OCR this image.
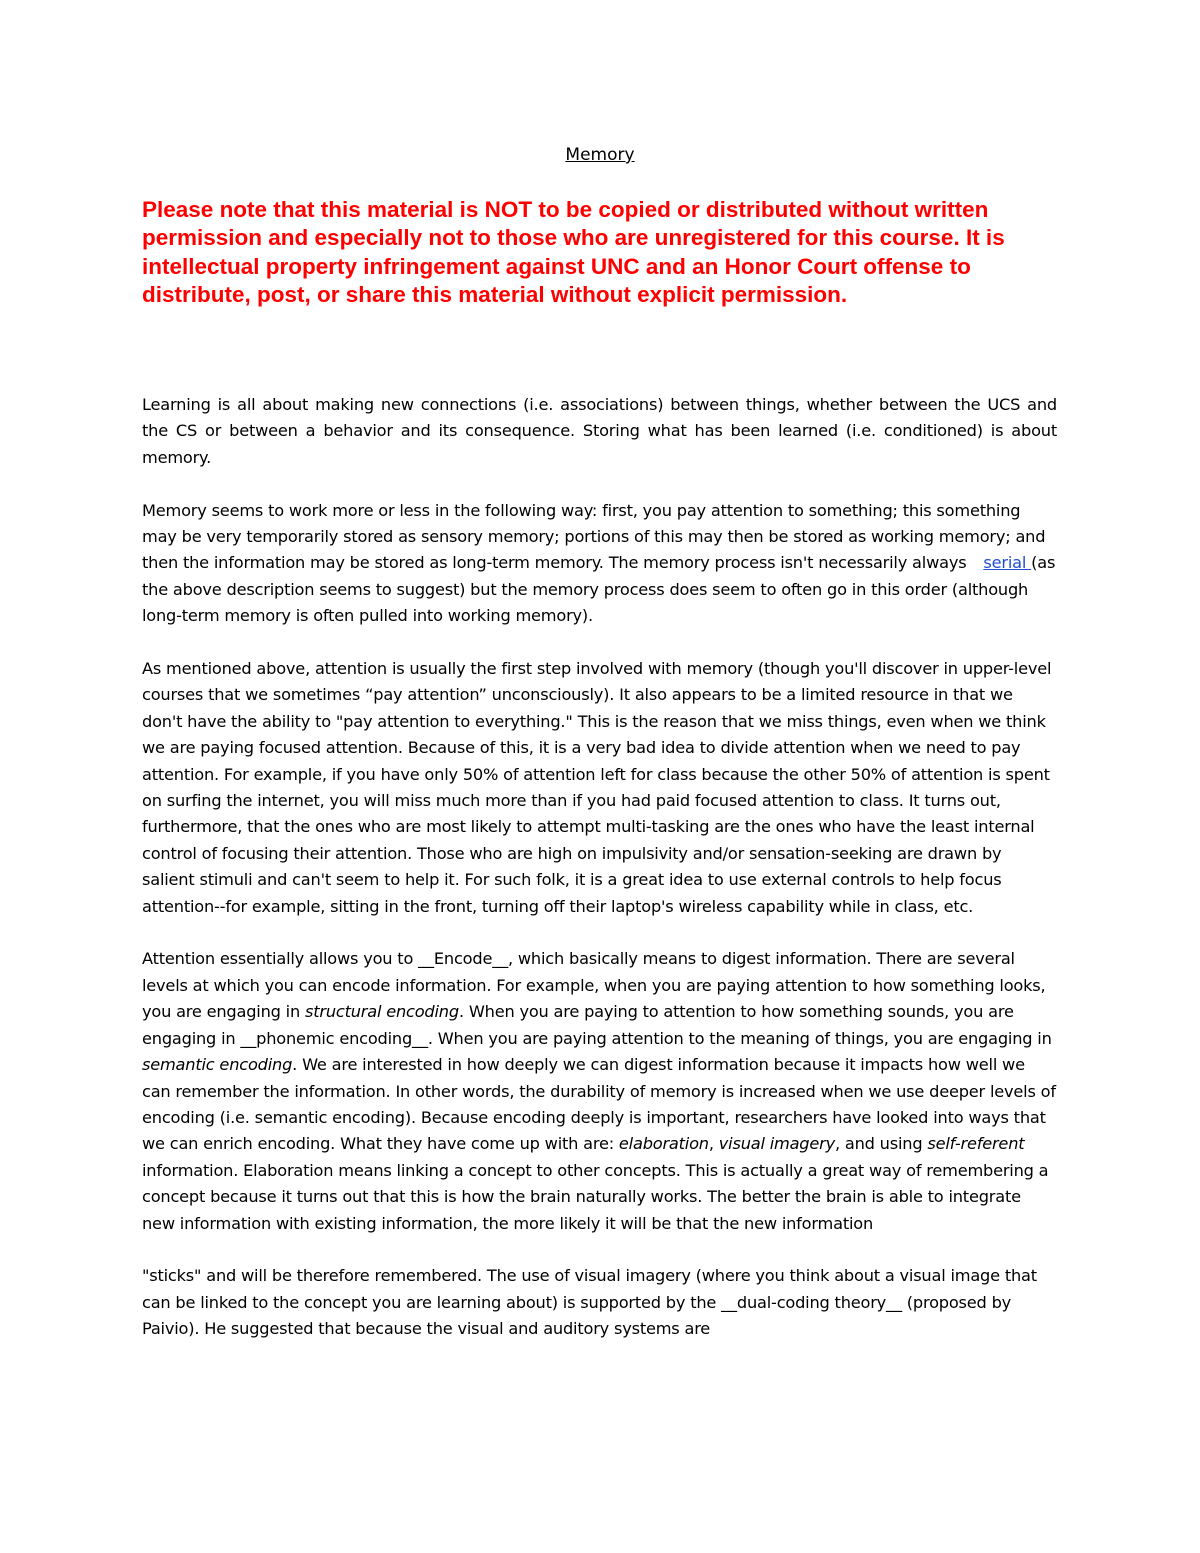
Memory
Please note that this material is NOT to be copied or distributed without written permission and especially not to those who are unregistered for this course. It is intellectual property infringement against UNC and an Honor Court offense to distribute, post, or share this material without explicit permission.

Learning is all about making new connections (i.e. associations) between things, whether between the UCS and the CS or between a behavior and its consequence. Storing what has been learned (i.e. conditioned) is about memory.

Memory seems to work more or less in the following way: first, you pay attention to something; this something may be very temporarily stored as sensory memory; portions of this may then be stored as working memory; and then the information may be stored as long-term memory. The memory process isn't necessarily always serial (as the above description seems to suggest) but the memory process does seem to often go in this order (although long-term memory is often pulled into working memory).

As mentioned above, attention is usually the first step involved with memory (though you'll discover in upper-level courses that we sometimes “pay attention” unconsciously). It also appears to be a limited resource in that we don't have the ability to "pay attention to everything." This is the reason that we miss things, even when we think we are paying focused attention. Because of this, it is a very bad idea to divide attention when we need to pay attention. For example, if you have only 50% of attention left for class because the other 50% of attention is spent on surfing the internet, you will miss much more than if you had paid focused attention to class. It turns out, furthermore, that the ones who are most likely to attempt multi-tasking are the ones who have the least internal control of focusing their attention. Those who are high on impulsivity and/or sensation-seeking are drawn by salient stimuli and can't seem to help it. For such folk, it is a great idea to use external controls to help focus attention--for example, sitting in the front, turning off their laptop's wireless capability while in class, etc.

Attention essentially allows you to __Encode__, which basically means to digest information. There are several levels at which you can encode information. For example, when you are paying attention to how something looks, you are engaging in structural encoding. When you are paying to attention to how something sounds, you are engaging in __phonemic encoding__. When you are paying attention to the meaning of things, you are engaging in semantic encoding. We are interested in how deeply we can digest information because it impacts how well we can remember the information. In other words, the durability of memory is increased when we use deeper levels of encoding (i.e. semantic encoding). Because encoding deeply is important, researchers have looked into ways that we can enrich encoding. What they have come up with are: elaboration, visual imagery, and using self-referent information. Elaboration means linking a concept to other concepts. This is actually a great way of remembering a concept because it turns out that this is how the brain naturally works. The better the brain is able to integrate new information with existing information, the more likely it will be that the new information
"sticks" and will be therefore remembered. The use of visual imagery (where you think about a visual image that can be linked to the concept you are learning about) is supported by the __dual-coding theory__ (proposed by Paivio). He suggested that because the visual and auditory systems are
